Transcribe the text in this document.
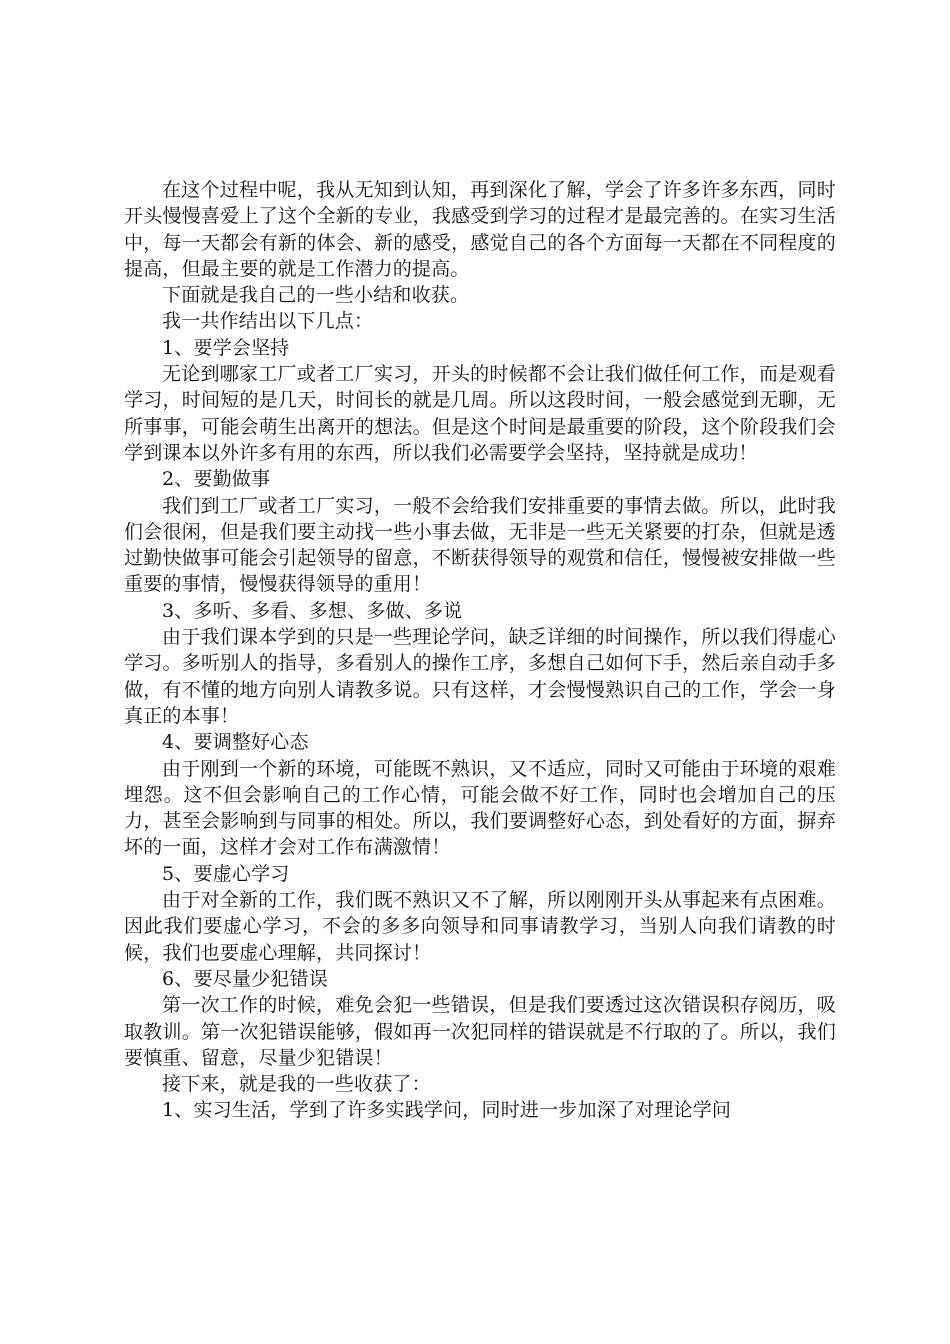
在这个过程中呢，我从无知到认知，再到深化了解，学会了许多许多东西，同时开头慢慢喜爱上了这个全新的专业，我感受到学习的过程才是最完善的。在实习生活中，每一天都会有新的体会、新的感受，感觉自己的各个方面每一天都在不同程度的提高，但最主要的就是工作潜力的提高。

下面就是我自己的一些小结和收获。

我一共作结出以下几点：

1、要学会坚持

无论到哪家工厂或者工厂实习，开头的时候都不会让我们做任何工作，而是观看学习，时间短的是几天，时间长的就是几周。所以这段时间，一般会感觉到无聊，无所事事，可能会萌生出离开的想法。但是这个时间是最重要的阶段，这个阶段我们会学到课本以外许多有用的东西，所以我们必需要学会坚持，坚持就是成功！

2、要勤做事

我们到工厂或者工厂实习，一般不会给我们安排重要的事情去做。所以，此时我们会很闲，但是我们要主动找一些小事去做，无非是一些无关紧要的打杂，但就是透过勤快做事可能会引起领导的留意，不断获得领导的观赏和信任，慢慢被安排做一些重要的事情，慢慢获得领导的重用！

3、多听、多看、多想、多做、多说

由于我们课本学到的只是一些理论学问，缺乏详细的时间操作，所以我们得虚心学习。多听别人的指导，多看别人的操作工序，多想自己如何下手，然后亲自动手多做，有不懂的地方向别人请教多说。只有这样，才会慢慢熟识自己的工作，学会一身真正的本事！

4、要调整好心态

由于刚到一个新的环境，可能既不熟识，又不适应，同时又可能由于环境的艰难埋怨。这不但会影响自己的工作心情，可能会做不好工作，同时也会增加自己的压力，甚至会影响到与同事的相处。所以，我们要调整好心态，到处看好的方面，摒弃坏的一面，这样才会对工作布满激情！

5、要虚心学习

由于对全新的工作，我们既不熟识又不了解，所以刚刚开头从事起来有点困难。因此我们要虚心学习，不会的多多向领导和同事请教学习，当别人向我们请教的时候，我们也要虚心理解，共同探讨！

6、要尽量少犯错误

第一次工作的时候，难免会犯一些错误，但是我们要透过这次错误积存阅历，吸取教训。第一次犯错误能够，假如再一次犯同样的错误就是不行取的了。所以，我们要慎重、留意，尽量少犯错误！

接下来，就是我的一些收获了：

1、实习生活，学到了许多实践学问，同时进一步加深了对理论学问
